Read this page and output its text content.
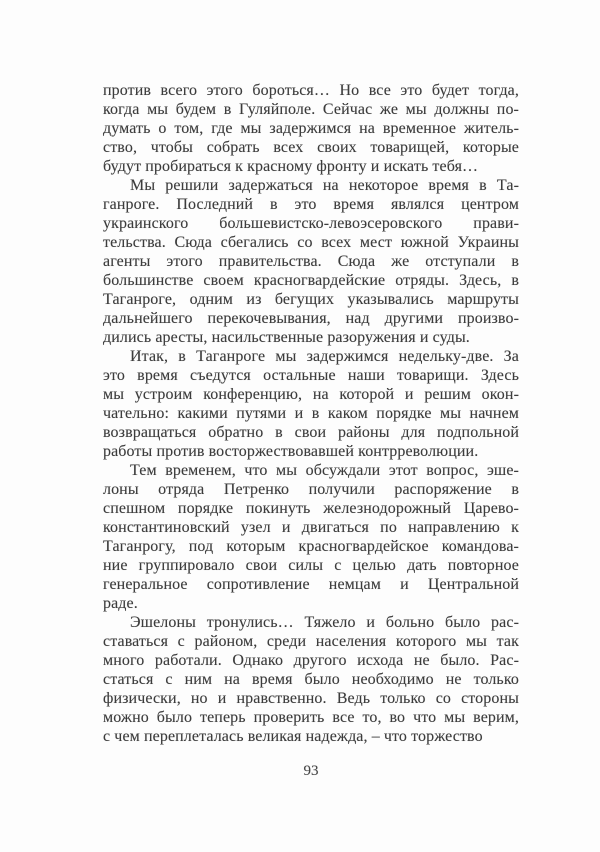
против всего этого бороться… Но все это будет тогда,
когда мы будем в Гуляйполе. Сейчас же мы должны по-
думать о том, где мы задержимся на временное житель-
ство, чтобы собрать всех своих товарищей, которые
будут пробираться к красному фронту и искать тебя…
Мы решили задержаться на некоторое время в Та-
ганроге. Последний в это время являлся центром
украинского большевистско-левоэсеровского прави-
тельства. Сюда сбегались со всех мест южной Украины
агенты этого правительства. Сюда же отступали в
большинстве своем красногвардейские отряды. Здесь, в
Таганроге, одним из бегущих указывались маршруты
дальнейшего перекочевывания, над другими произво-
дились аресты, насильственные разоружения и суды.
Итак, в Таганроге мы задержимся недельку-две. За
это время съедутся остальные наши товарищи. Здесь
мы устроим конференцию, на которой и решим окон-
чательно: какими путями и в каком порядке мы начнем
возвращаться обратно в свои районы для подпольной
работы против восторжествовавшей контрреволюции.
Тем временем, что мы обсуждали этот вопрос, эше-
лоны отряда Петренко получили распоряжение в
спешном порядке покинуть железнодорожный Царево-
константиновский узел и двигаться по направлению к
Таганрогу, под которым красногвардейское командова-
ние группировало свои силы с целью дать повторное
генеральное сопротивление немцам и Центральной
раде.
Эшелоны тронулись… Тяжело и больно было рас-
ставаться с районом, среди населения которого мы так
много работали. Однако другого исхода не было. Рас-
статься с ним на время было необходимо не только
физически, но и нравственно. Ведь только со стороны
можно было теперь проверить все то, во что мы верим,
с чем переплеталась великая надежда, – что торжество
93
